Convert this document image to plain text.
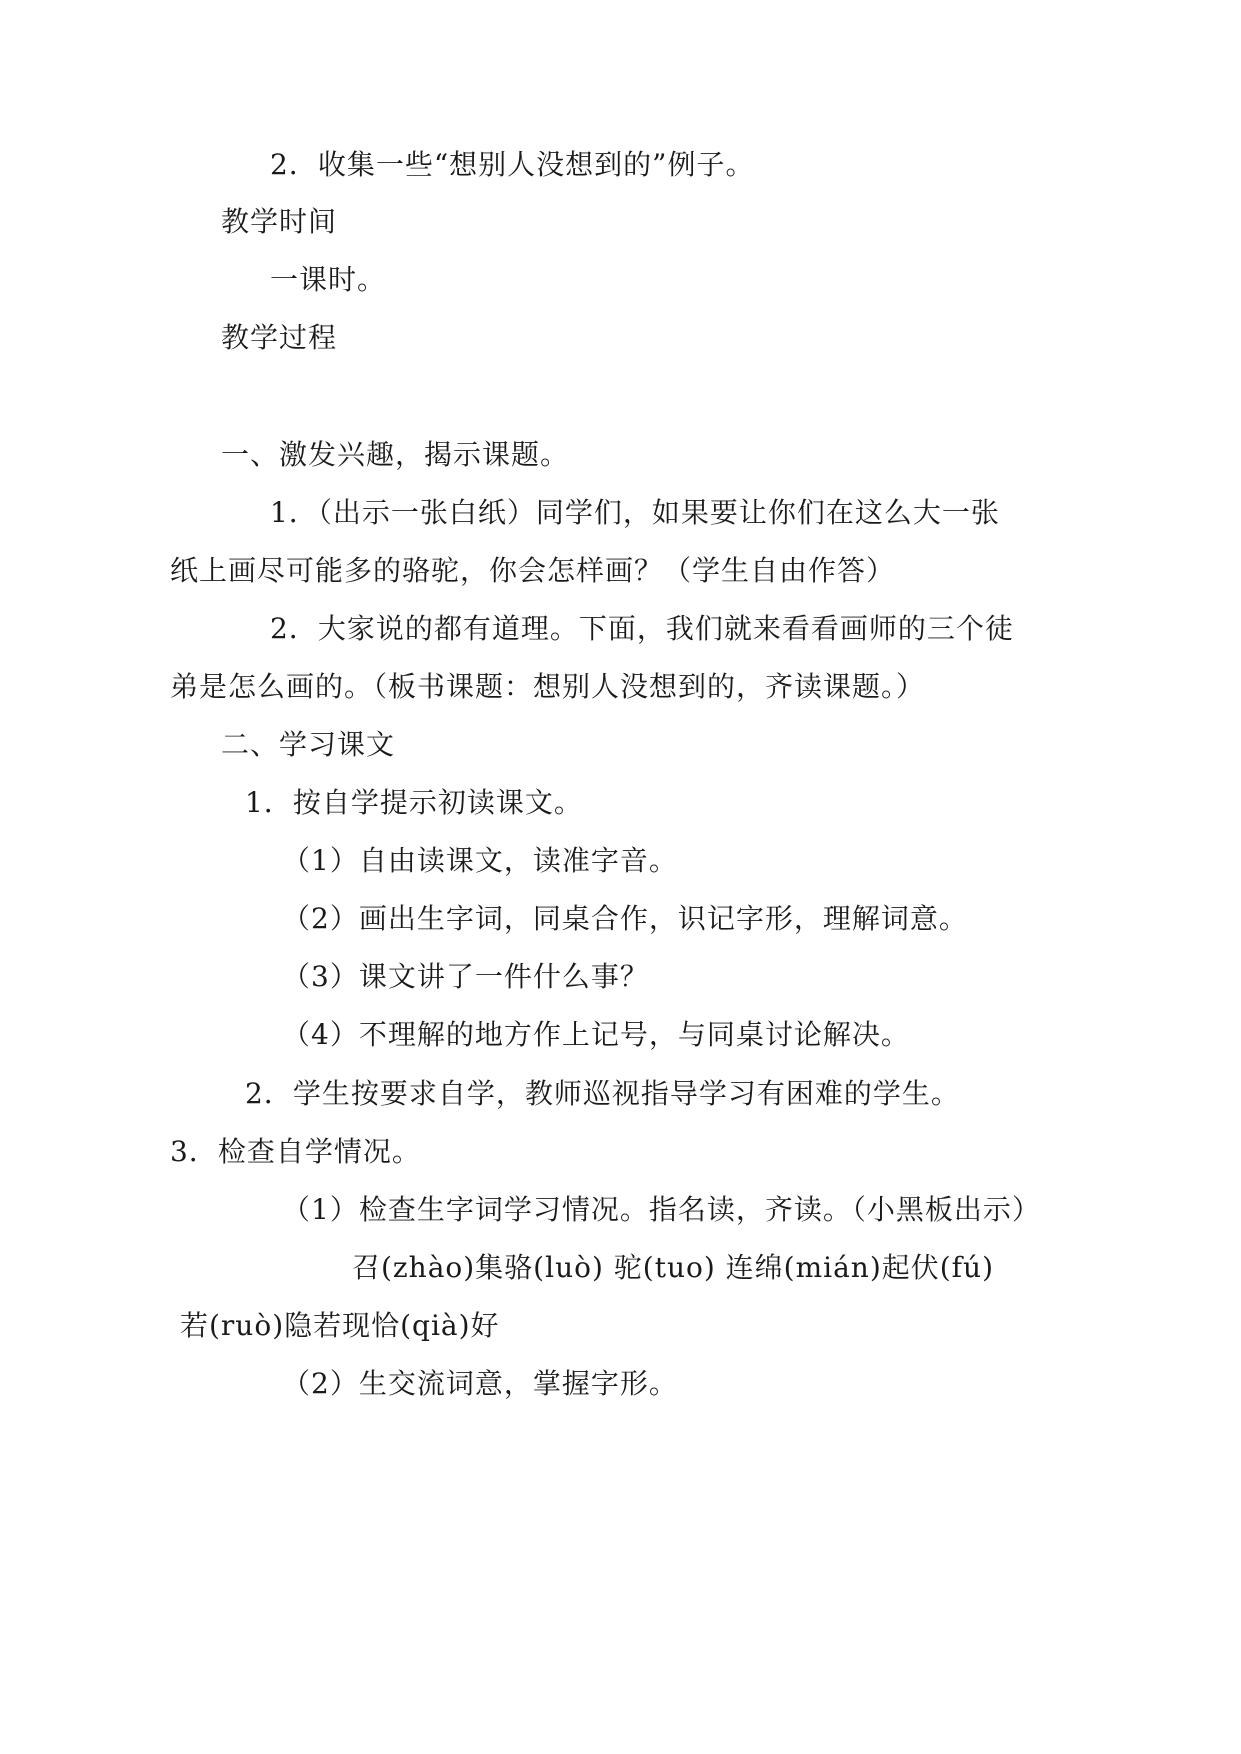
2．收集一些“想别人没想到的”例子。
教学时间
一课时。
教学过程
一、激发兴趣，揭示课题。
1．（出示一张白纸）同学们，如果要让你们在这么大一张
纸上画尽可能多的骆驼，你会怎样画？（学生自由作答）
2．大家说的都有道理。下面，我们就来看看画师的三个徒
弟是怎么画的。（板书课题：想别人没想到的，齐读课题。）
二、学习课文
1．按自学提示初读课文。
（1）自由读课文，读准字音。
（2）画出生字词，同桌合作，识记字形，理解词意。
（3）课文讲了一件什么事？
（4）不理解的地方作上记号，与同桌讨论解决。
2．学生按要求自学，教师巡视指导学习有困难的学生。
3．检查自学情况。
（1）检查生字词学习情况。指名读，齐读。（小黑板出示）
召(zhào)集骆(luò) 驼(tuo) 连绵(mián)起伏(fú)
若(ruò)隐若现恰(qià)好
（2）生交流词意，掌握字形。
